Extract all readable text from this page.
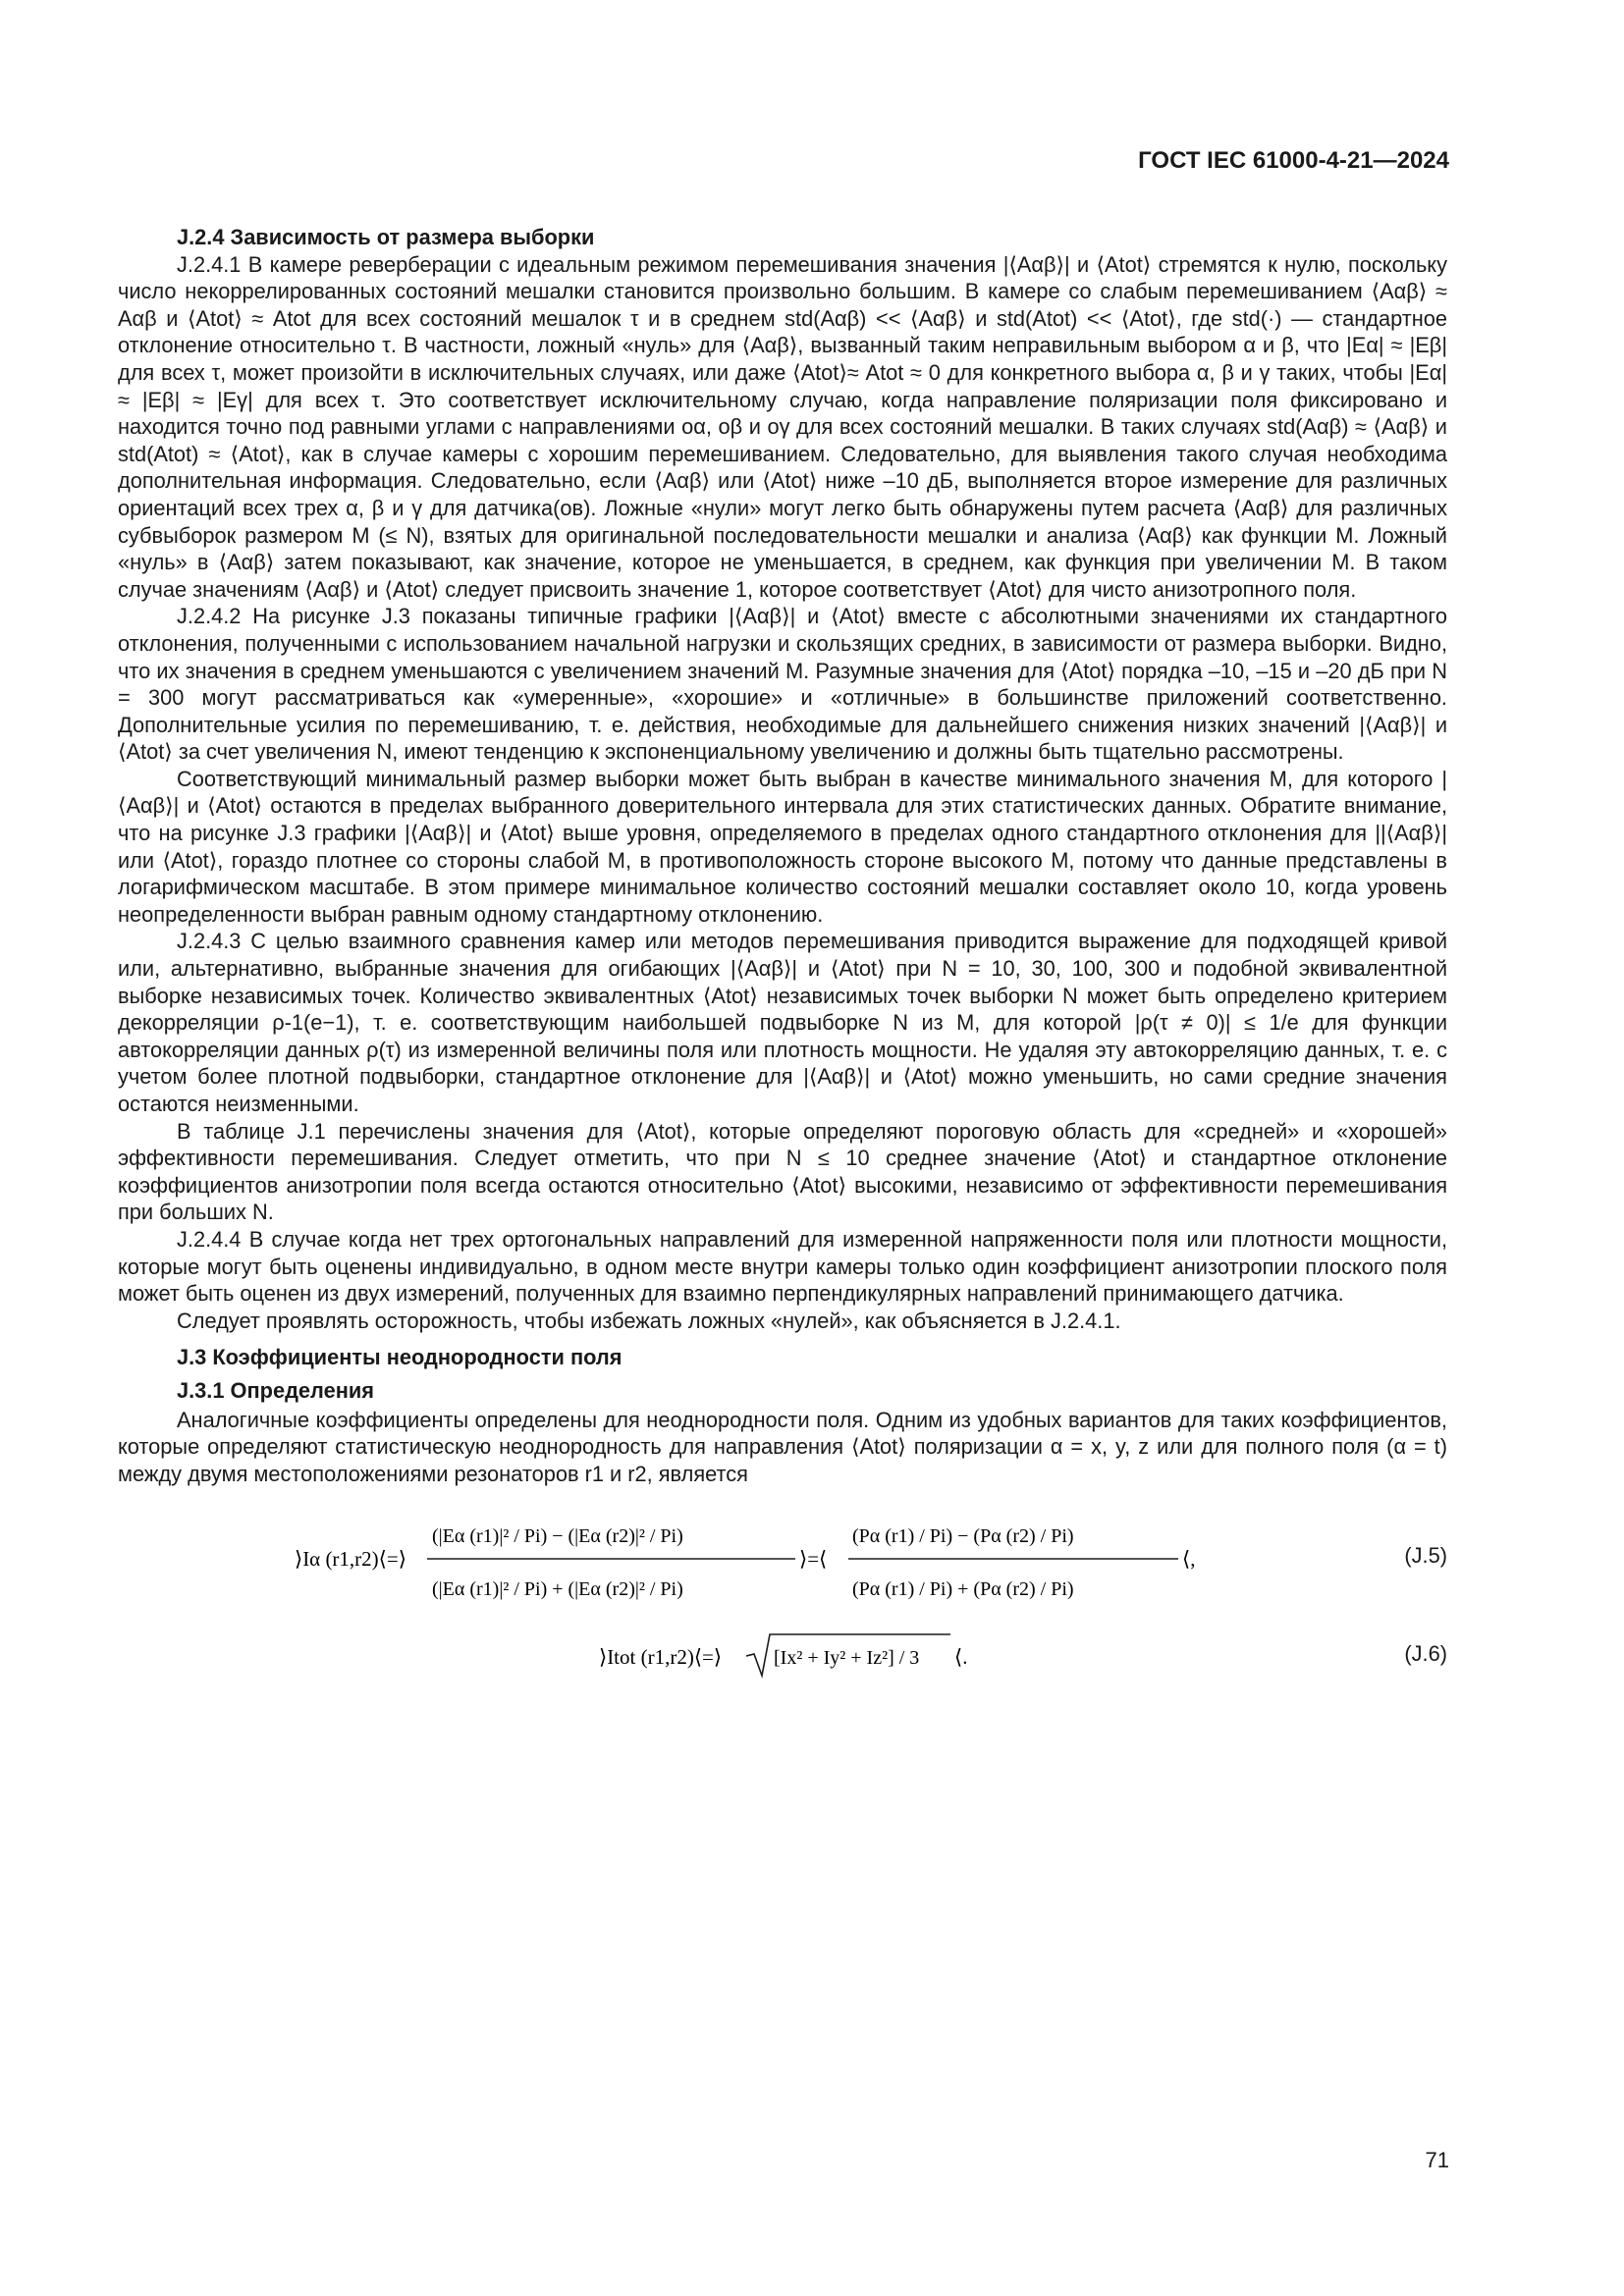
ГОСТ IEC 61000-4-21—2024
J.2.4 Зависимость от размера выборки

J.2.4.1 В камере реверберации с идеальным режимом перемешивания значения |⟨Aαβ⟩| и ⟨Atot⟩ стремятся к нулю, поскольку число некоррелированных состояний мешалки становится произвольно большим. В камере со слабым перемешиванием ⟨Aαβ⟩ ≈ Aαβ и ⟨Atot⟩ ≈ Atot для всех состояний мешалок τ и в среднем std(Aαβ) << ⟨Aαβ⟩ и std(Atot) << ⟨Atot⟩, где std(·) — стандартное отклонение относительно τ. В частности, ложный «нуль» для ⟨Aαβ⟩, вызванный таким неправильным выбором α и β, что |Eα| ≈ |Eβ| для всех τ, может произойти в исключительных случаях, или даже ⟨Atot⟩≈ Atot ≈ 0 для конкретного выбора α, β и γ таких, чтобы |Eα| ≈ |Eβ| ≈ |Eγ| для всех τ. Это соответствует исключительному случаю, когда направление поляризации поля фиксировано и находится точно под равными углами с направлениями оα, оβ и оγ для всех состояний мешалки. В таких случаях std(Aαβ) ≈ ⟨Aαβ⟩ и std(Atot) ≈ ⟨Atot⟩, как в случае камеры с хорошим перемешиванием. Следовательно, для выявления такого случая необходима дополнительная информация. Следовательно, если ⟨Aαβ⟩ или ⟨Atot⟩ ниже –10 дБ, выполняется второе измерение для различных ориентаций всех трех α, β и γ для датчика(ов). Ложные «нули» могут легко быть обнаружены путем расчета ⟨Aαβ⟩ для различных субвыборок размером M (≤ N), взятых для оригинальной последовательности мешалки и анализа ⟨Aαβ⟩ как функции M. Ложный «нуль» в ⟨Aαβ⟩ затем показывают, как значение, которое не уменьшается, в среднем, как функция при увеличении M. В таком случае значениям ⟨Aαβ⟩ и ⟨Atot⟩ следует присвоить значение 1, которое соответствует ⟨Atot⟩ для чисто анизотропного поля.

J.2.4.2 На рисунке J.3 показаны типичные графики |⟨Aαβ⟩| и ⟨Atot⟩ вместе с абсолютными значениями их стандартного отклонения, полученными с использованием начальной нагрузки и скользящих средних, в зависимости от размера выборки. Видно, что их значения в среднем уменьшаются с увеличением значений M. Разумные значения для ⟨Atot⟩ порядка –10, –15 и –20 дБ при N = 300 могут рассматриваться как «умеренные», «хорошие» и «отличные» в большинстве приложений соответственно. Дополнительные усилия по перемешиванию, т. е. действия, необходимые для дальнейшего снижения низких значений |⟨Aαβ⟩| и ⟨Atot⟩ за счет увеличения N, имеют тенденцию к экспоненциальному увеличению и должны быть тщательно рассмотрены.

Соответствующий минимальный размер выборки может быть выбран в качестве минимального значения M, для которого |⟨Aαβ⟩| и ⟨Atot⟩ остаются в пределах выбранного доверительного интервала для этих статистических данных. Обратите внимание, что на рисунке J.3 графики |⟨Aαβ⟩| и ⟨Atot⟩ выше уровня, определяемого в пределах одного стандартного отклонения для ||⟨Aαβ⟩| или ⟨Atot⟩, гораздо плотнее со стороны слабой M, в противоположность стороне высокого M, потому что данные представлены в логарифмическом масштабе. В этом примере минимальное количество состояний мешалки составляет около 10, когда уровень неопределенности выбран равным одному стандартному отклонению.

J.2.4.3 С целью взаимного сравнения камер или методов перемешивания приводится выражение для подходящей кривой или, альтернативно, выбранные значения для огибающих |⟨Aαβ⟩| и ⟨Atot⟩ при N = 10, 30, 100, 300 и подобной эквивалентной выборке независимых точек. Количество эквивалентных ⟨Atot⟩ независимых точек выборки N может быть определено критерием декорреляции ρ-1(e−1), т. е. соответствующим наибольшей подвыборке N из M, для которой |ρ(τ ≠ 0)| ≤ 1/e для функции автокорреляции данных ρ(τ) из измеренной величины поля или плотность мощности. Не удаляя эту автокорреляцию данных, т. е. с учетом более плотной подвыборки, стандартное отклонение для |⟨Aαβ⟩| и ⟨Atot⟩ можно уменьшить, но сами средние значения остаются неизменными.

В таблице J.1 перечислены значения для ⟨Atot⟩, которые определяют пороговую область для «средней» и «хорошей» эффективности перемешивания. Следует отметить, что при N ≤ 10 среднее значение ⟨Atot⟩ и стандартное отклонение коэффициентов анизотропии поля всегда остаются относительно ⟨Atot⟩ высокими, независимо от эффективности перемешивания при больших N.

J.2.4.4 В случае когда нет трех ортогональных направлений для измеренной напряженности поля или плотности мощности, которые могут быть оценены индивидуально, в одном месте внутри камеры только один коэффициент анизотропии плоского поля может быть оценен из двух измерений, полученных для взаимно перпендикулярных направлений принимающего датчика.

Следует проявлять осторожность, чтобы избежать ложных «нулей», как объясняется в J.2.4.1.

J.3 Коэффициенты неоднородности поля
J.3.1 Определения

Аналогичные коэффициенты определены для неоднородности поля. Одним из удобных вариантов для таких коэффициентов, которые определяют статистическую неоднородность для направления ⟨Atot⟩ поляризации α = x, y, z или для полного поля (α = t) между двумя местоположениями резонаторов r1 и r2, является

⟩Iα (r1,r2)⟨=⟩
(|Eα (r1)|² / Pi) − (|Eα (r2)|² / Pi)
(|Eα (r1)|² / Pi) + (|Eα (r2)|² / Pi)
⟩=⟨
(Pα (r1) / Pi) − (Pα (r2) / Pi)
(Pα (r1) / Pi) + (Pα (r2) / Pi)
⟨,	(J.5)
⟩Itot (r1,r2)⟨=⟩	[Ix² + Iy² + Iz²] / 3 ⟨.	(J.6)
71
